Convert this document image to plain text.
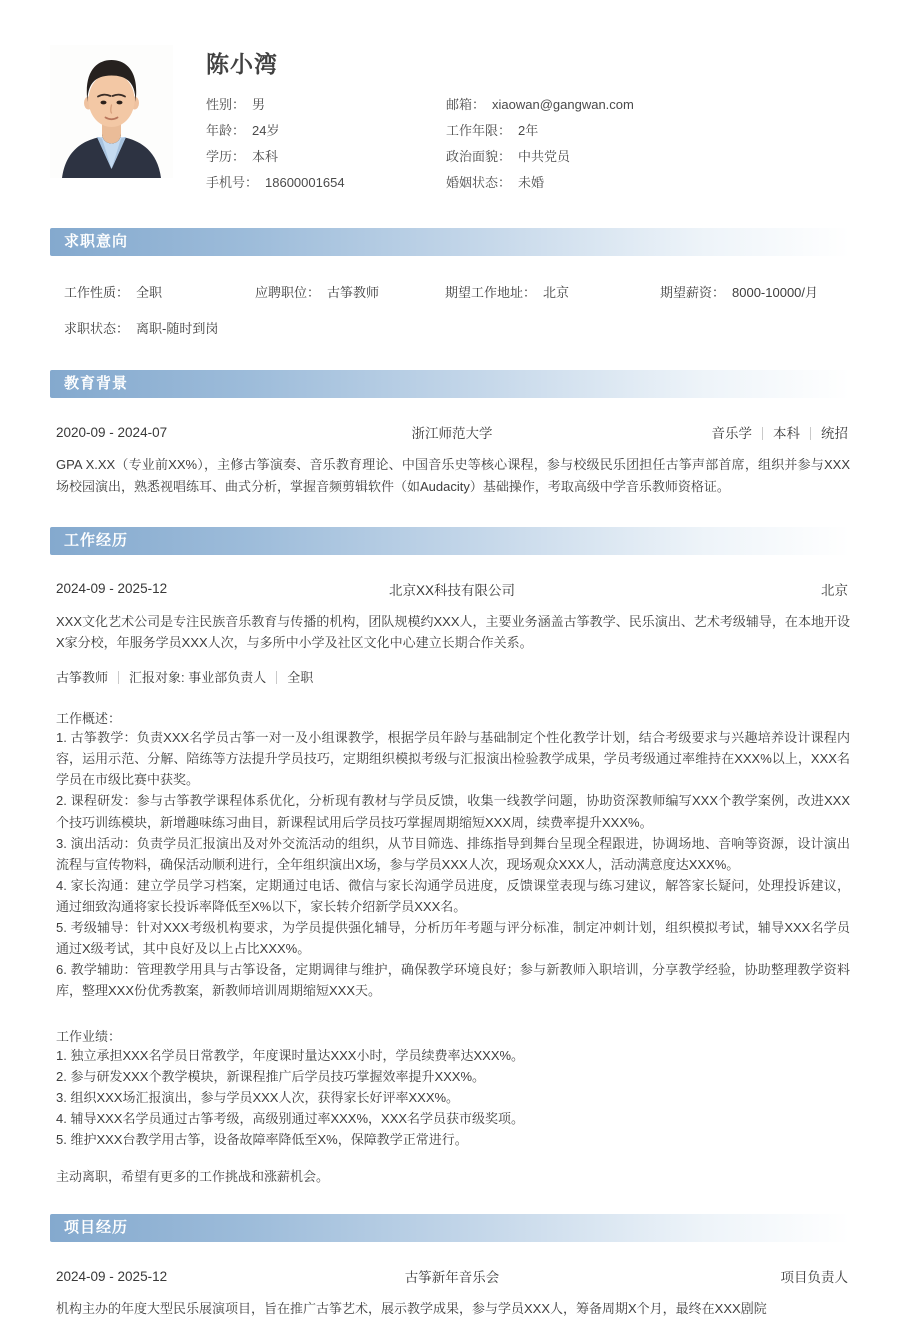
陈小湾
性别： 男
年龄： 24岁
学历： 本科
手机号： 18600001654
邮箱： xiaowan@gangwan.com
工作年限： 2年
政治面貌： 中共党员
婚姻状态： 未婚
求职意向
工作性质： 全职	应聘职位： 古筝教师	期望工作地址： 北京	期望薪资： 8000-10000/月
求职状态： 离职-随时到岗
教育背景
2020-09 - 2024-07	浙江师范大学	音乐学 本科 统招
GPA X.XX（专业前XX%），主修古筝演奏、音乐教育理论、中国音乐史等核心课程，参与校级民乐团担任古筝声部首席，组织并参与XXX场校园演出，熟悉视唱练耳、曲式分析，掌握音频剪辑软件（如Audacity）基础操作，考取高级中学音乐教师资格证。
工作经历
2024-09 - 2025-12	北京XX科技有限公司	北京
XXX文化艺术公司是专注民族音乐教育与传播的机构，团队规模约XXX人，主要业务涵盖古筝教学、民乐演出、艺术考级辅导，在本地开设X家分校，年服务学员XXX人次，与多所中小学及社区文化中心建立长期合作关系。
古筝教师 汇报对象: 事业部负责人 全职
工作概述：
1. 古筝教学：负责XXX名学员古筝一对一及小组课教学，根据学员年龄与基础制定个性化教学计划，结合考级要求与兴趣培养设计课程内容，运用示范、分解、陪练等方法提升学员技巧，定期组织模拟考级与汇报演出检验教学成果，学员考级通过率维持在XXX%以上，XXX名学员在市级比赛中获奖。
2. 课程研发：参与古筝教学课程体系优化，分析现有教材与学员反馈，收集一线教学问题，协助资深教师编写XXX个教学案例，改进XXX个技巧训练模块，新增趣味练习曲目，新课程试用后学员技巧掌握周期缩短XXX周，续费率提升XXX%。
3. 演出活动：负责学员汇报演出及对外交流活动的组织，从节目筛选、排练指导到舞台呈现全程跟进，协调场地、音响等资源，设计演出流程与宣传物料，确保活动顺利进行，全年组织演出X场，参与学员XXX人次，现场观众XXX人，活动满意度达XXX%。
4. 家长沟通：建立学员学习档案，定期通过电话、微信与家长沟通学员进度，反馈课堂表现与练习建议，解答家长疑问，处理投诉建议，通过细致沟通将家长投诉率降低至X%以下，家长转介绍新学员XXX名。
5. 考级辅导：针对XXX考级机构要求，为学员提供强化辅导，分析历年考题与评分标准，制定冲刺计划，组织模拟考试，辅导XXX名学员通过X级考试，其中良好及以上占比XXX%。
6. 教学辅助：管理教学用具与古筝设备，定期调律与维护，确保教学环境良好；参与新教师入职培训，分享教学经验，协助整理教学资料库，整理XXX份优秀教案，新教师培训周期缩短XXX天。
工作业绩：
1. 独立承担XXX名学员日常教学，年度课时量达XXX小时，学员续费率达XXX%。
2. 参与研发XXX个教学模块，新课程推广后学员技巧掌握效率提升XXX%。
3. 组织XXX场汇报演出，参与学员XXX人次，获得家长好评率XXX%。
4. 辅导XXX名学员通过古筝考级，高级别通过率XXX%，XXX名学员获市级奖项。
5. 维护XXX台教学用古筝，设备故障率降低至X%，保障教学正常进行。
主动离职，希望有更多的工作挑战和涨薪机会。
项目经历
2024-09 - 2025-12	古筝新年音乐会	项目负责人
机构主办的年度大型民乐展演项目，旨在推广古筝艺术，展示教学成果，参与学员XXX人，筹备周期X个月，最终在XXX剧院
